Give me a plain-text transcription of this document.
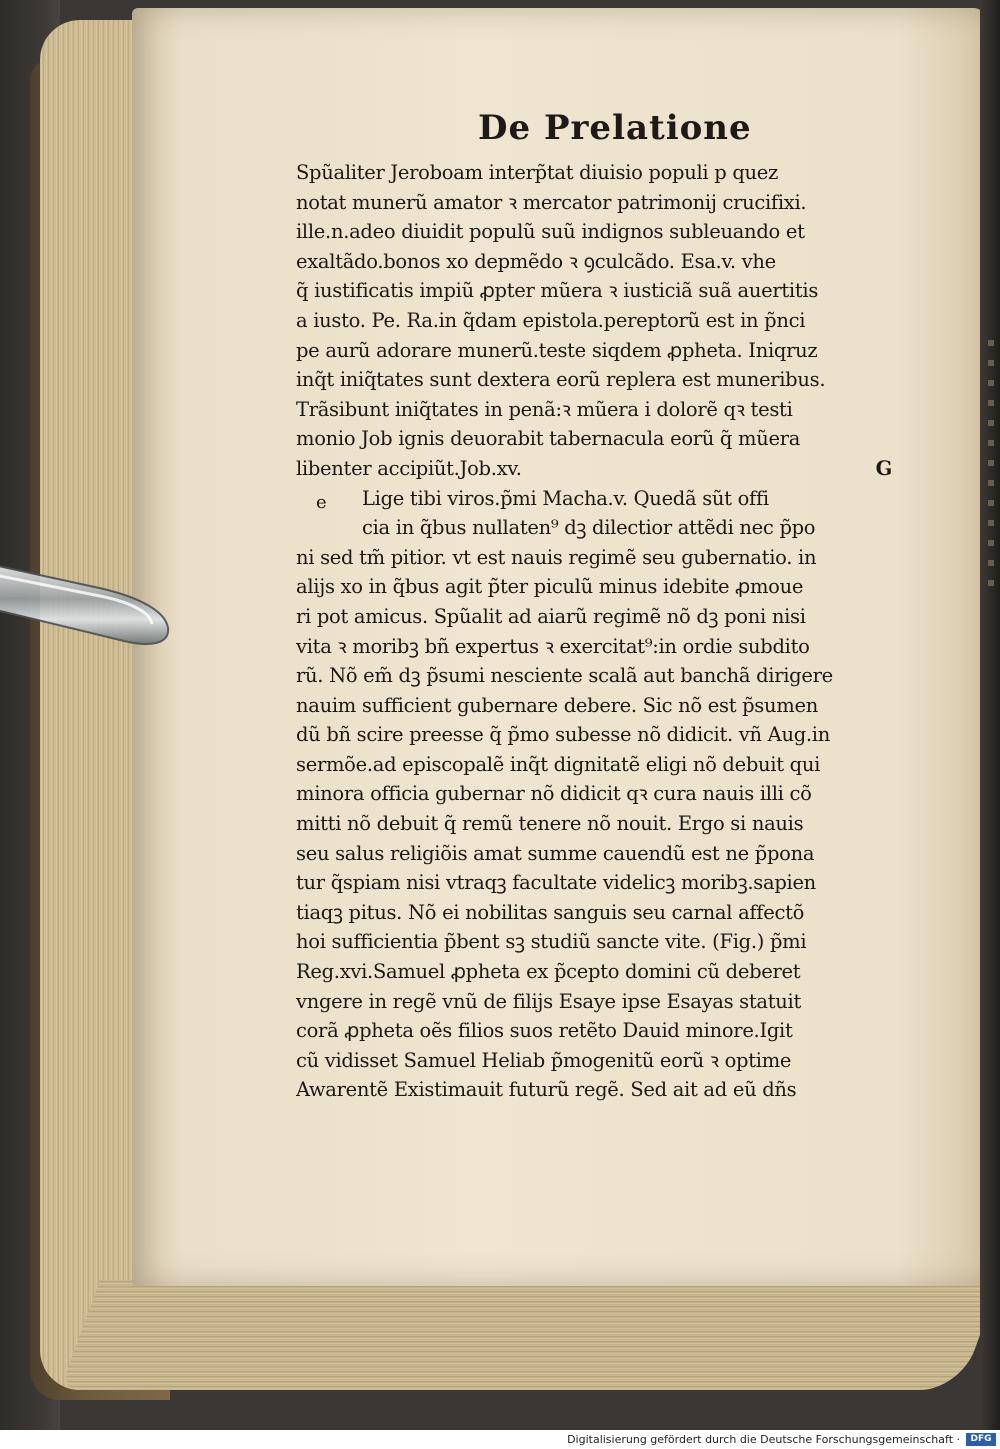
De Prelatione
Spũaliter Jeroboam interp̃tat diuisio populi p quez
notat munerũ amator ꝛ mercator patrimonij crucifixi.
ille.n.adeo diuidit populũ suũ indignos subleuando et
exaltãdo.bonos xo depmẽdo ꝛ ꝯculcãdo. Esa.v. vhe
q̃ iustificatis impiũ ꝓpter mũera ꝛ iusticiã suã auertitis
a iusto. Pe. Ra.in q̃dam epistola.pereptorũ est in p̃nci
pe aurũ adorare munerũ.teste siqdem ꝓpheta. Iniqruz
inq̃t iniq̃tates sunt dextera eorũ replera est muneribus.
Trãsibunt iniq̃tates in penã:ꝛ mũera i dolorẽ qꝛ testi
monio Job ignis deuorabit tabernacula eorũ q̃ mũera
libenter accipiũt.Job.xv.	G
Lige tibi viros.p̃mi Macha.v. Quedã sũt offi
cia in q̃bus nullaten⁹ dꝫ dilectior attẽdi nec p̃po
ni sed tm̃ pitior. vt est nauis regimẽ seu gubernatio. in
alijs xo in q̃bus agit p̃ter piculũ minus idebite ꝓmoue
ri pot amicus. Spũalit ad aiarũ regimẽ nõ dꝫ poni nisi
vita ꝛ moribꝫ bñ expertus ꝛ exercitat⁹:in ordie subdito
rũ. Nõ em̃ dꝫ p̃sumi nesciente scalã aut banchã dirigere
nauim sufficient gubernare debere. Sic nõ est p̃sumen
dũ bñ scire preesse q̃ p̃mo subesse nõ didicit. vñ Aug.in
sermõe.ad episcopalẽ inq̃t dignitatẽ eligi nõ debuit qui
minora officia gubernar nõ didicit qꝛ cura nauis illi cõ
mitti nõ debuit q̃ remũ tenere nõ nouit. Ergo si nauis
seu salus religiõis amat summe cauendũ est ne p̃pona
tur q̃spiam nisi vtraqꝫ facultate videlicꝫ moribꝫ.sapien
tiaqꝫ pitus. Nõ ei nobilitas sanguis seu carnal affectõ
hoi sufficientia p̃bent sꝫ studiũ sancte vite. (Fig.) p̃mi
Reg.xvi.Samuel ꝓpheta ex p̃cepto domini cũ deberet
vngere in regẽ vnũ de filijs Esaye ipse Esayas statuit
corã ꝓpheta oẽs filios suos retẽto Dauid minore.Igit
cũ vidisset Samuel Heliab p̃mogenitũ eorũ ꝛ optime
Awarentẽ Existimauit futurũ regẽ. Sed ait ad eũ dñs
e
Digitalisierung gefördert durch die Deutsche Forschungsgemeinschaft ·	DFG
